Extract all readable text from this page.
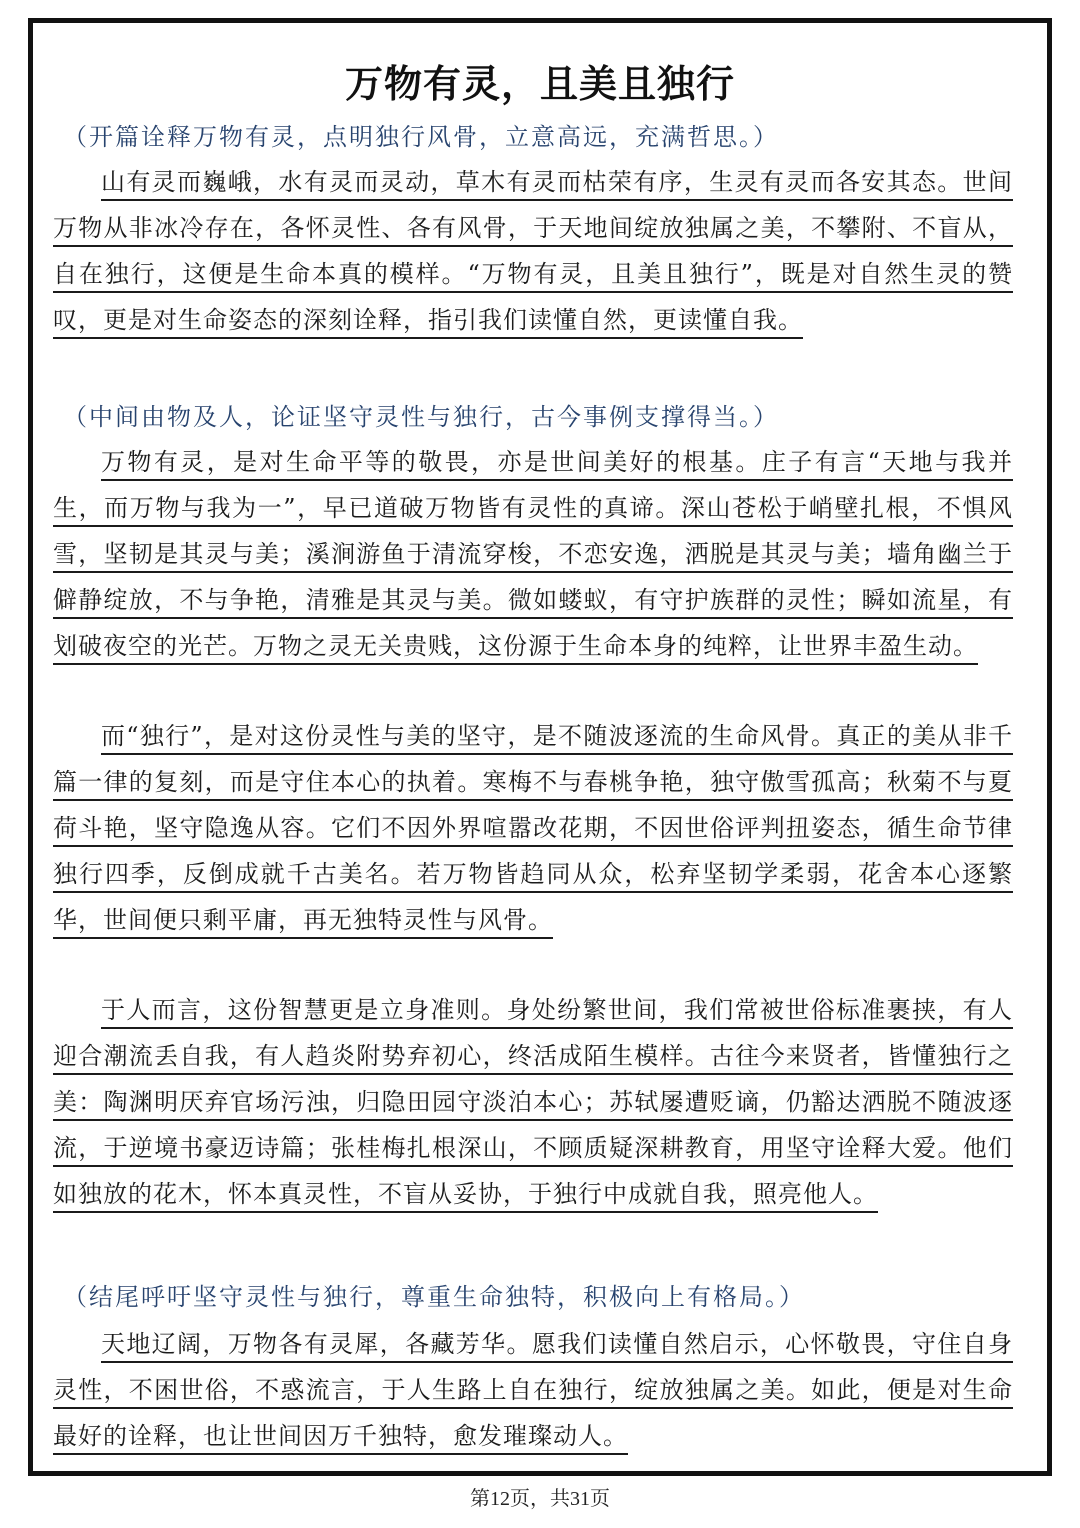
万物有灵，且美且独行
（开篇诠释万物有灵，点明独行风骨，立意高远，充满哲思。）
山有灵而巍峨，水有灵而灵动，草木有灵而枯荣有序，生灵有灵而各安其态。世间万物从非冰冷存在，各怀灵性、各有风骨，于天地间绽放独属之美，不攀附、不盲从，自在独行，这便是生命本真的模样。“万物有灵，且美且独行”，既是对自然生灵的赞叹，更是对生命姿态的深刻诠释，指引我们读懂自然，更读懂自我。
（中间由物及人，论证坚守灵性与独行，古今事例支撑得当。）
万物有灵，是对生命平等的敬畏，亦是世间美好的根基。庄子有言“天地与我并生，而万物与我为一”，早已道破万物皆有灵性的真谛。深山苍松于峭壁扎根，不惧风雪，坚韧是其灵与美；溪涧游鱼于清流穿梭，不恋安逸，洒脱是其灵与美；墙角幽兰于僻静绽放，不与争艳，清雅是其灵与美。微如蝼蚁，有守护族群的灵性；瞬如流星，有划破夜空的光芒。万物之灵无关贵贱，这份源于生命本身的纯粹，让世界丰盈生动。
而“独行”，是对这份灵性与美的坚守，是不随波逐流的生命风骨。真正的美从非千篇一律的复刻，而是守住本心的执着。寒梅不与春桃争艳，独守傲雪孤高；秋菊不与夏荷斗艳，坚守隐逸从容。它们不因外界喧嚣改花期，不因世俗评判扭姿态，循生命节律独行四季，反倒成就千古美名。若万物皆趋同从众，松弃坚韧学柔弱，花舍本心逐繁华，世间便只剩平庸，再无独特灵性与风骨。
于人而言，这份智慧更是立身准则。身处纷繁世间，我们常被世俗标准裹挟，有人迎合潮流丢自我，有人趋炎附势弃初心，终活成陌生模样。古往今来贤者，皆懂独行之美：陶渊明厌弃官场污浊，归隐田园守淡泊本心；苏轼屡遭贬谪，仍豁达洒脱不随波逐流，于逆境书豪迈诗篇；张桂梅扎根深山，不顾质疑深耕教育，用坚守诠释大爱。他们如独放的花木，怀本真灵性，不盲从妥协，于独行中成就自我，照亮他人。
（结尾呼吁坚守灵性与独行，尊重生命独特，积极向上有格局。）
天地辽阔，万物各有灵犀，各藏芳华。愿我们读懂自然启示，心怀敬畏，守住自身灵性，不困世俗，不惑流言，于人生路上自在独行，绽放独属之美。如此，便是对生命最好的诠释，也让世间因万千独特，愈发璀璨动人。
第12页，共31页
